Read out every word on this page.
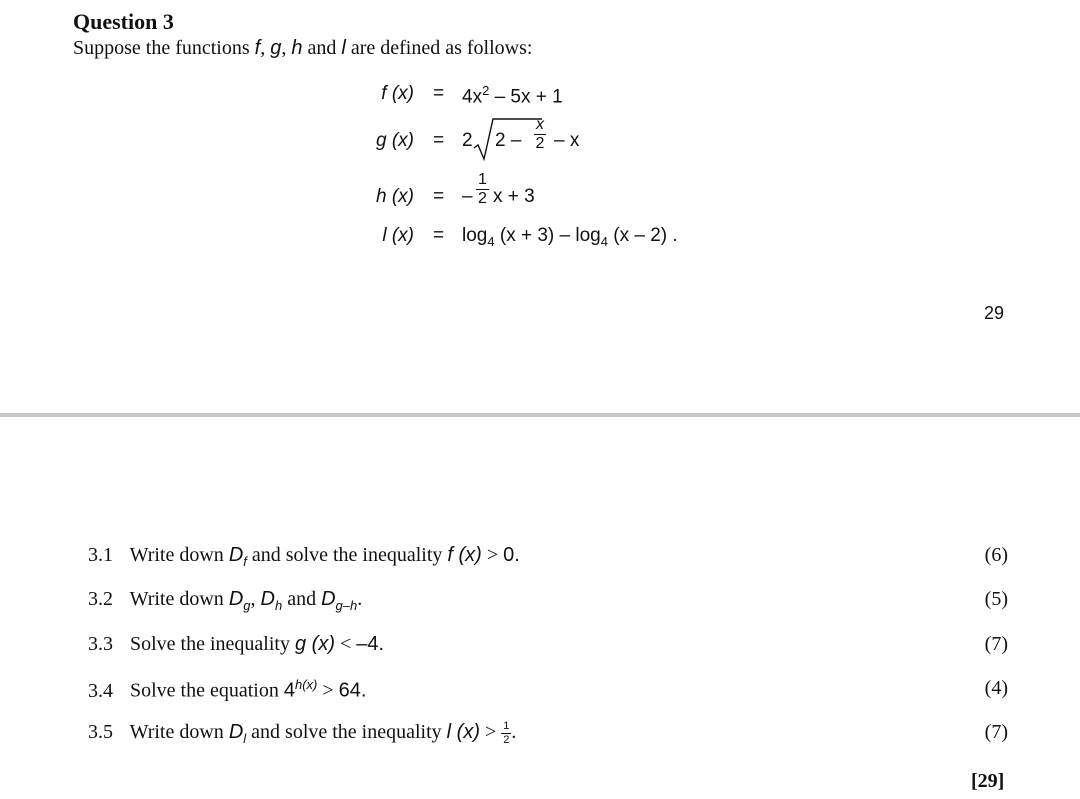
Question 3
Suppose the functions f, g, h and l are defined as follows:
f $(x) = 4x^2 - 5x + 1$
g (x) = 2 $2 - \frac{x}{2}$ – x
h (x) = – $\frac{1}{2}$ x + 3
l $(x) = \log_4 (x + 3) - \log_4 (x - 2)$ .
29
3.1 Write down $D_f$ and solve the inequality f (x) > 0.	(6)
3.2 Write down $D_g$, $D_h$ and $D_{g-h}$.	(5)
3.3 Solve the inequality g (x) < –4.	(7)
3.4 Solve the equation $4^{h(x)} > 64$.	(4)
3.5 Write down $D_l$ and solve the inequality l $(x) > \frac{1}{2}$ .	(7)
[29]
